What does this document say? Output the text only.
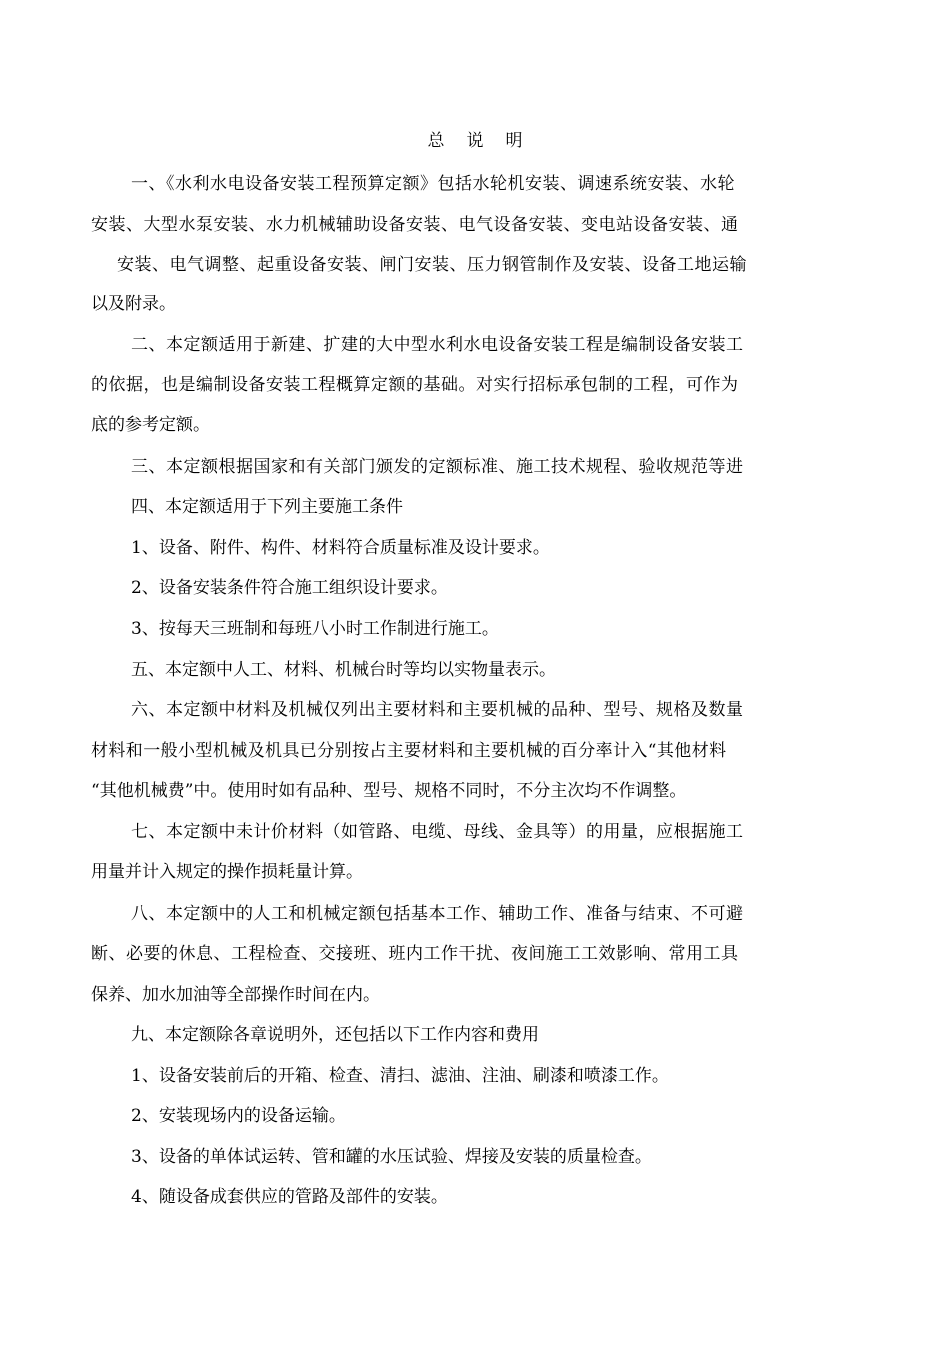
总说明
一、《水利水电设备安装工程预算定额》包括水轮机安装、调速系统安装、水轮
安装、大型水泵安装、水力机械辅助设备安装、电气设备安装、变电站设备安装、通
安装、电气调整、起重设备安装、闸门安装、压力钢管制作及安装、设备工地运输
以及附录。
二、本定额适用于新建、扩建的大中型水利水电设备安装工程是编制设备安装工
的依据，也是编制设备安装工程概算定额的基础。对实行招标承包制的工程，可作为
底的参考定额。
三、本定额根据国家和有关部门颁发的定额标准、施工技术规程、验收规范等进
四、本定额适用于下列主要施工条件
1、设备、附件、构件、材料符合质量标准及设计要求。
2、设备安装条件符合施工组织设计要求。
3、按每天三班制和每班八小时工作制进行施工。
五、本定额中人工、材料、机械台时等均以实物量表示。
六、本定额中材料及机械仅列出主要材料和主要机械的品种、型号、规格及数量
材料和一般小型机械及机具已分别按占主要材料和主要机械的百分率计入“其他材料
“其他机械费”中。使用时如有品种、型号、规格不同时，不分主次均不作调整。
七、本定额中未计价材料（如管路、电缆、母线、金具等）的用量，应根据施工
用量并计入规定的操作损耗量计算。
八、本定额中的人工和机械定额包括基本工作、辅助工作、准备与结束、不可避
断、必要的休息、工程检查、交接班、班内工作干扰、夜间施工工效影响、常用工具
保养、加水加油等全部操作时间在内。
九、本定额除各章说明外，还包括以下工作内容和费用
1、设备安装前后的开箱、检查、清扫、滤油、注油、刷漆和喷漆工作。
2、安装现场内的设备运输。
3、设备的单体试运转、管和罐的水压试验、焊接及安装的质量检查。
4、随设备成套供应的管路及部件的安装。
